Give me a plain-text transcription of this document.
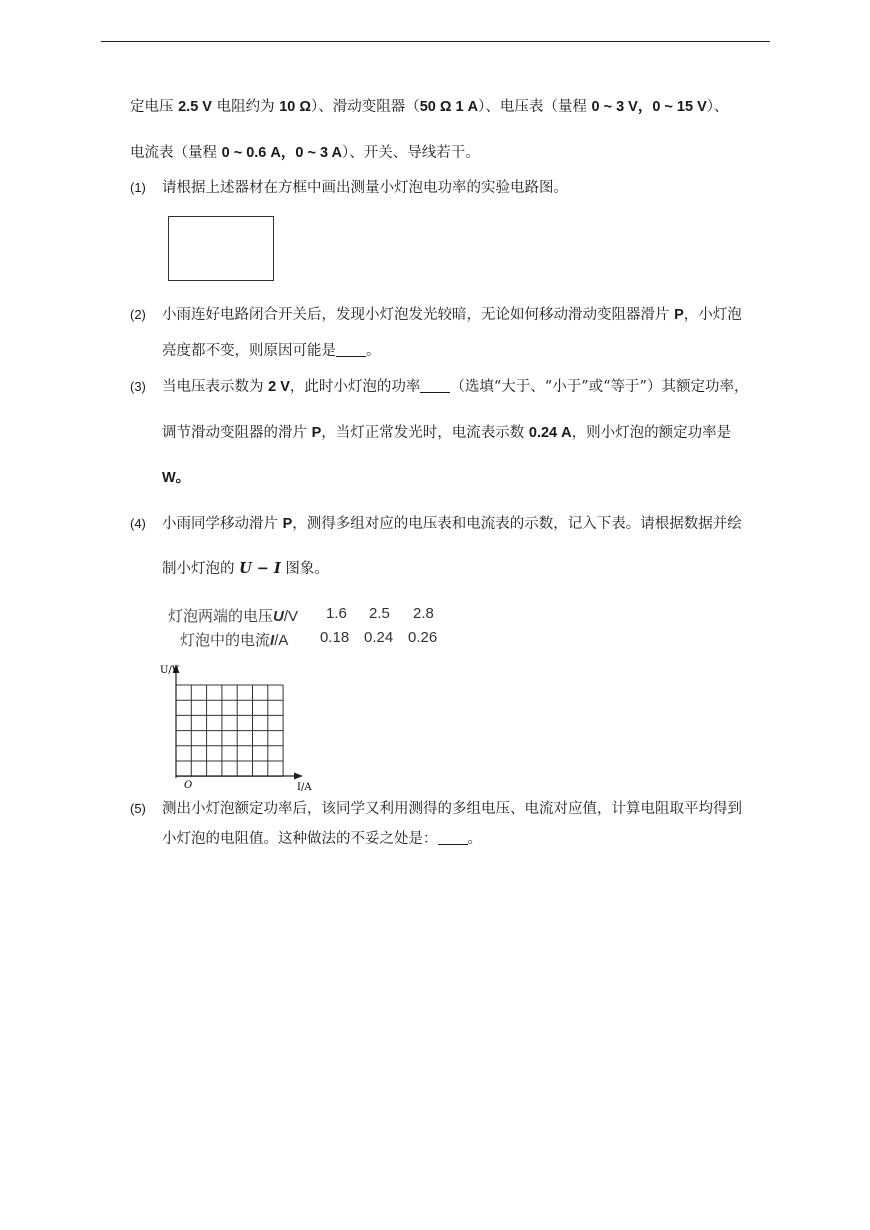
定电压 2.5 V 电阻约为 10 Ω）、滑动变阻器（50 Ω 1 A）、电压表（量程 0 ~ 3 V，0 ~ 15 V）、
电流表（量程 0 ~ 0.6 A，0 ~ 3 A）、开关、导线若干。
(1) 请根据上述器材在方框中画出测量小灯泡电功率的实验电路图。
(2) 小雨连好电路闭合开关后，发现小灯泡发光较暗，无论如何移动滑动变阻器滑片 P，小灯泡
亮度都不变，则原因可能是 。
(3) 当电压表示数为 2 V，此时小灯泡的功率 （选填“大于、“小于”或“等于”）其额定功率，
调节滑动变阻器的滑片 P，当灯正常发光时，电流表示数 0.24 A，则小灯泡的额定功率是
W。
(4) 小雨同学移动滑片 P，测得多组对应的电压表和电流表的示数，记入下表。请根据数据并绘
制小灯泡的 U − I 图象。
灯泡两端的电压U/V 1.6 2.5 2.8
灯泡中的电流I/A 0.18 0.24 0.26
U/V
I/A
O
(5) 测出小灯泡额定功率后，该同学又利用测得的多组电压、电流对应值，计算电阻取平均得到
小灯泡的电阻值。这种做法的不妥之处是： 。
